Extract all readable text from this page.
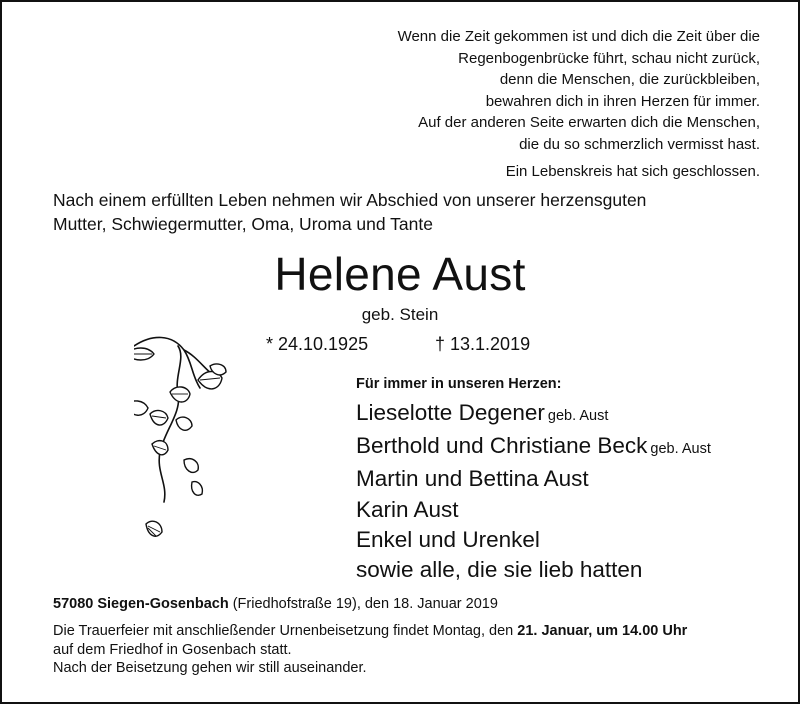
Wenn die Zeit gekommen ist und dich die Zeit über die
Regenbogenbrücke führt, schau nicht zurück,
denn die Menschen, die zurückbleiben,
bewahren dich in ihren Herzen für immer.
Auf der anderen Seite erwarten dich die Menschen,
die du so schmerzlich vermisst hast.
Ein Lebenskreis hat sich geschlossen.
Nach einem erfüllten Leben nehmen wir Abschied von unserer herzensguten
Mutter, Schwiegermutter, Oma, Uroma und Tante
Helene Aust
geb. Stein
* 24.10.1925	† 13.1.2019
Für immer in unseren Herzen:
Lieselotte Degener geb. Aust
Berthold und Christiane Beck geb. Aust
Martin und Bettina Aust
Karin Aust
Enkel und Urenkel
sowie alle, die sie lieb hatten
57080 Siegen-Gosenbach (Friedhofstraße 19), den 18. Januar 2019
Die Trauerfeier mit anschließender Urnenbeisetzung findet Montag, den 21. Januar, um 14.00 Uhr
auf dem Friedhof in Gosenbach statt.
Nach der Beisetzung gehen wir still auseinander.
